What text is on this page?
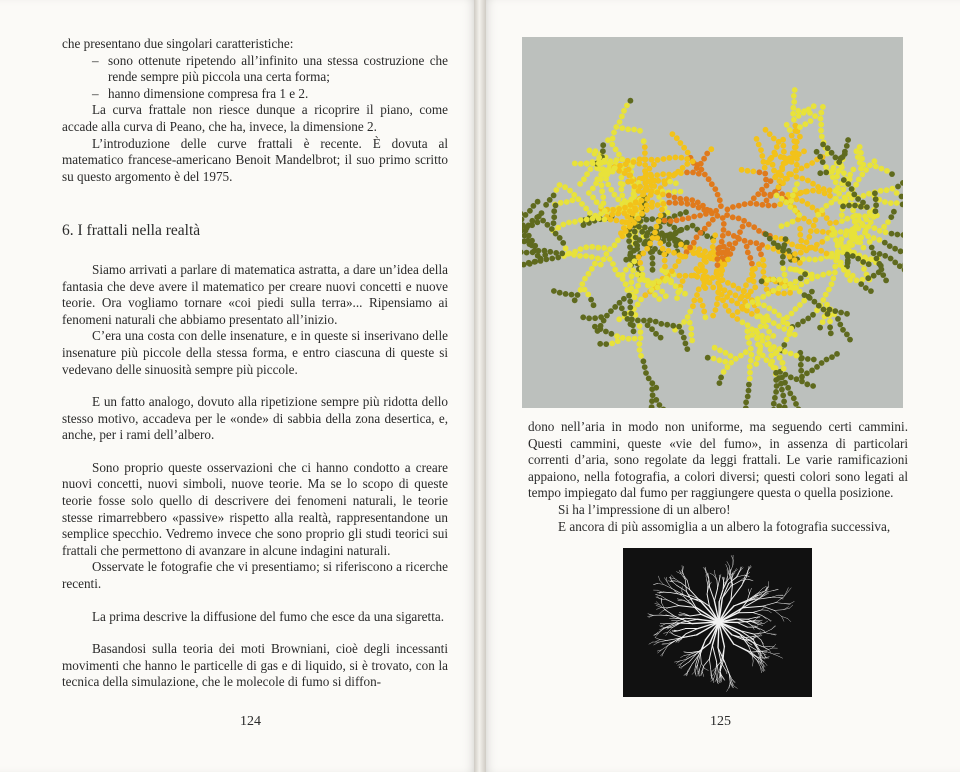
che presentano due singolari caratteristiche:

– sono ottenute ripetendo all’infinito una stessa costruzione che rende sempre più piccola una certa forma;
– hanno dimensione compresa fra 1 e 2.

La curva frattale non riesce dunque a ricoprire il piano, come accade alla curva di Peano, che ha, invece, la dimensione 2.

L’introduzione delle curve frattali è recente. È dovuta al matematico francese-americano Benoit Mandelbrot; il suo primo scritto su questo argomento è del 1975.

6. I frattali nella realtà

Siamo arrivati a parlare di matematica astratta, a dare un’idea della fantasia che deve avere il matematico per creare nuovi concetti e nuove teorie. Ora vogliamo tornare «coi piedi sulla terra»... Ripensiamo ai fenomeni naturali che abbiamo presentato all’inizio.

C’era una costa con delle insenature, e in queste si inserivano delle insenature più piccole della stessa forma, e entro ciascuna di queste si vedevano delle sinuosità sempre più piccole.

E un fatto analogo, dovuto alla ripetizione sempre più ridotta dello stesso motivo, accadeva per le «onde» di sabbia della zona desertica, e, anche, per i rami dell’albero.

Sono proprio queste osservazioni che ci hanno condotto a creare nuovi concetti, nuovi simboli, nuove teorie. Ma se lo scopo di queste teorie fosse solo quello di descrivere dei fenomeni naturali, le teorie stesse rimarrebbero «passive» rispetto alla realtà, rappresentandone un semplice specchio. Vedremo invece che sono proprio gli studi teorici sui frattali che permettono di avanzare in alcune indagini naturali.

Osservate le fotografie che vi presentiamo; si riferiscono a ricerche recenti.

La prima descrive la diffusione del fumo che esce da una sigaretta.

Basandosi sulla teoria dei moti Browniani, cioè degli incessanti movimenti che hanno le particelle di gas e di liquido, si è trovato, con la tecnica della simulazione, che le molecole di fumo si diffon-

124

dono nell’aria in modo non uniforme, ma seguendo certi cammini. Questi cammini, queste «vie del fumo», in assenza di particolari correnti d’aria, sono regolate da leggi frattali. Le varie ramificazioni appaiono, nella fotografia, a colori diversi; questi colori sono legati al tempo impiegato dal fumo per raggiungere questa o quella posizione.

Si ha l’impressione di un albero!

E ancora di più assomiglia a un albero la fotografia successiva,

125
